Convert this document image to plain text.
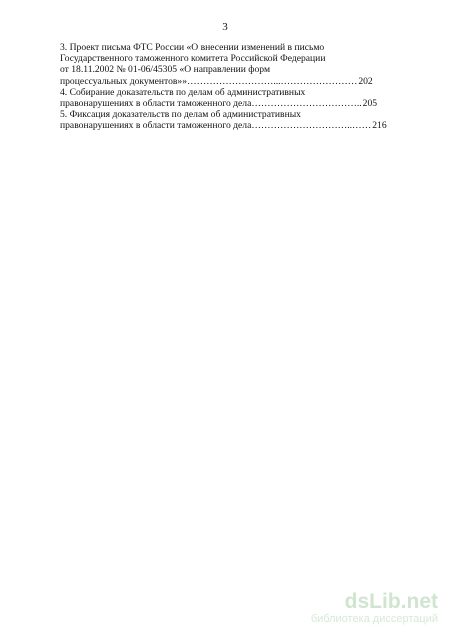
3
3. Проект письма ФТС России «О внесении изменений в письмо
Государственного таможенного комитета Российской Федерации
от 18.11.2002 № 01-06/45305 «О направлении форм
процессуальных документов»»………………………...…………………… 202
4. Собирание доказательств по делам об административных
правонарушениях в области таможенного дела…………………………….. 205
5. Фиксация доказательств по делам об административных
правонарушениях в области таможенного дела…………………………..…… 216
dsLib.net
библиотека диссертаций
